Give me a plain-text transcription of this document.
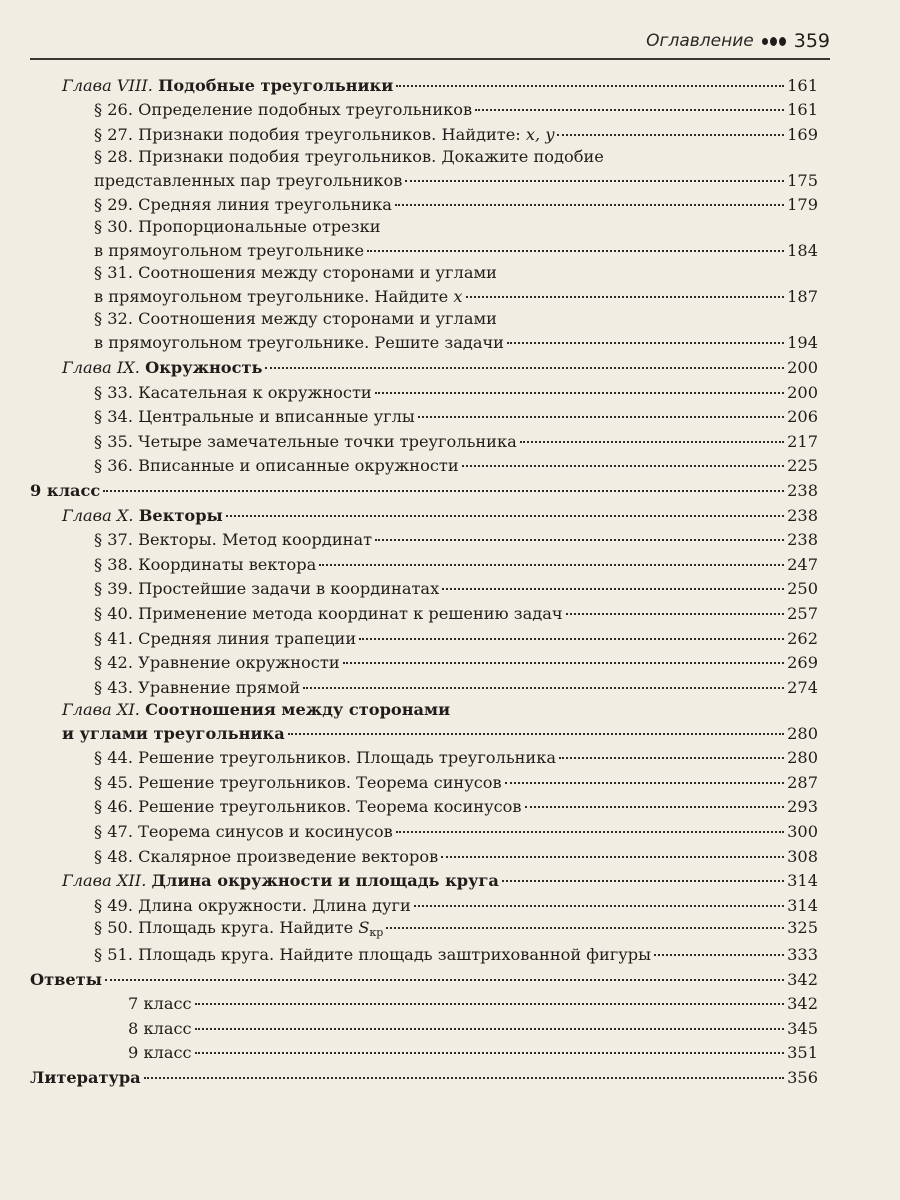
Оглавление 359
Глава VIII. Подобные треугольники	161
§ 26. Определение подобных треугольников	161
§ 27. Признаки подобия треугольников. Найдите: x, y	169
§ 28. Признаки подобия треугольников. Докажите подобие
представленных пар треугольников	175
§ 29. Средняя линия треугольника	179
§ 30. Пропорциональные отрезки
в прямоугольном треугольнике	184
§ 31. Соотношения между сторонами и углами
в прямоугольном треугольнике. Найдите x	187
§ 32. Соотношения между сторонами и углами
в прямоугольном треугольнике. Решите задачи	194
Глава IX. Окружность	200
§ 33. Касательная к окружности	200
§ 34. Центральные и вписанные углы	206
§ 35. Четыре замечательные точки треугольника	217
§ 36. Вписанные и описанные окружности	225
9 класс	238
Глава X. Векторы	238
§ 37. Векторы. Метод координат	238
§ 38. Координаты вектора	247
§ 39. Простейшие задачи в координатах	250
§ 40. Применение метода координат к решению задач	257
§ 41. Средняя линия трапеции	262
§ 42. Уравнение окружности	269
§ 43. Уравнение прямой	274
Глава XI. Соотношения между сторонами
и углами треугольника	280
§ 44. Решение треугольников. Площадь треугольника	280
§ 45. Решение треугольников. Теорема синусов	287
§ 46. Решение треугольников. Теорема косинусов	293
§ 47. Теорема синусов и косинусов	300
§ 48. Скалярное произведение векторов	308
Глава XII. Длина окружности и площадь круга	314
§ 49. Длина окружности. Длина дуги	314
§ 50. Площадь круга. Найдите $S_{кр}$	325
§ 51. Площадь круга. Найдите площадь заштрихованной фигуры	333
Ответы	342
7 класс	342
8 класс	345
9 класс	351
Литература	356
